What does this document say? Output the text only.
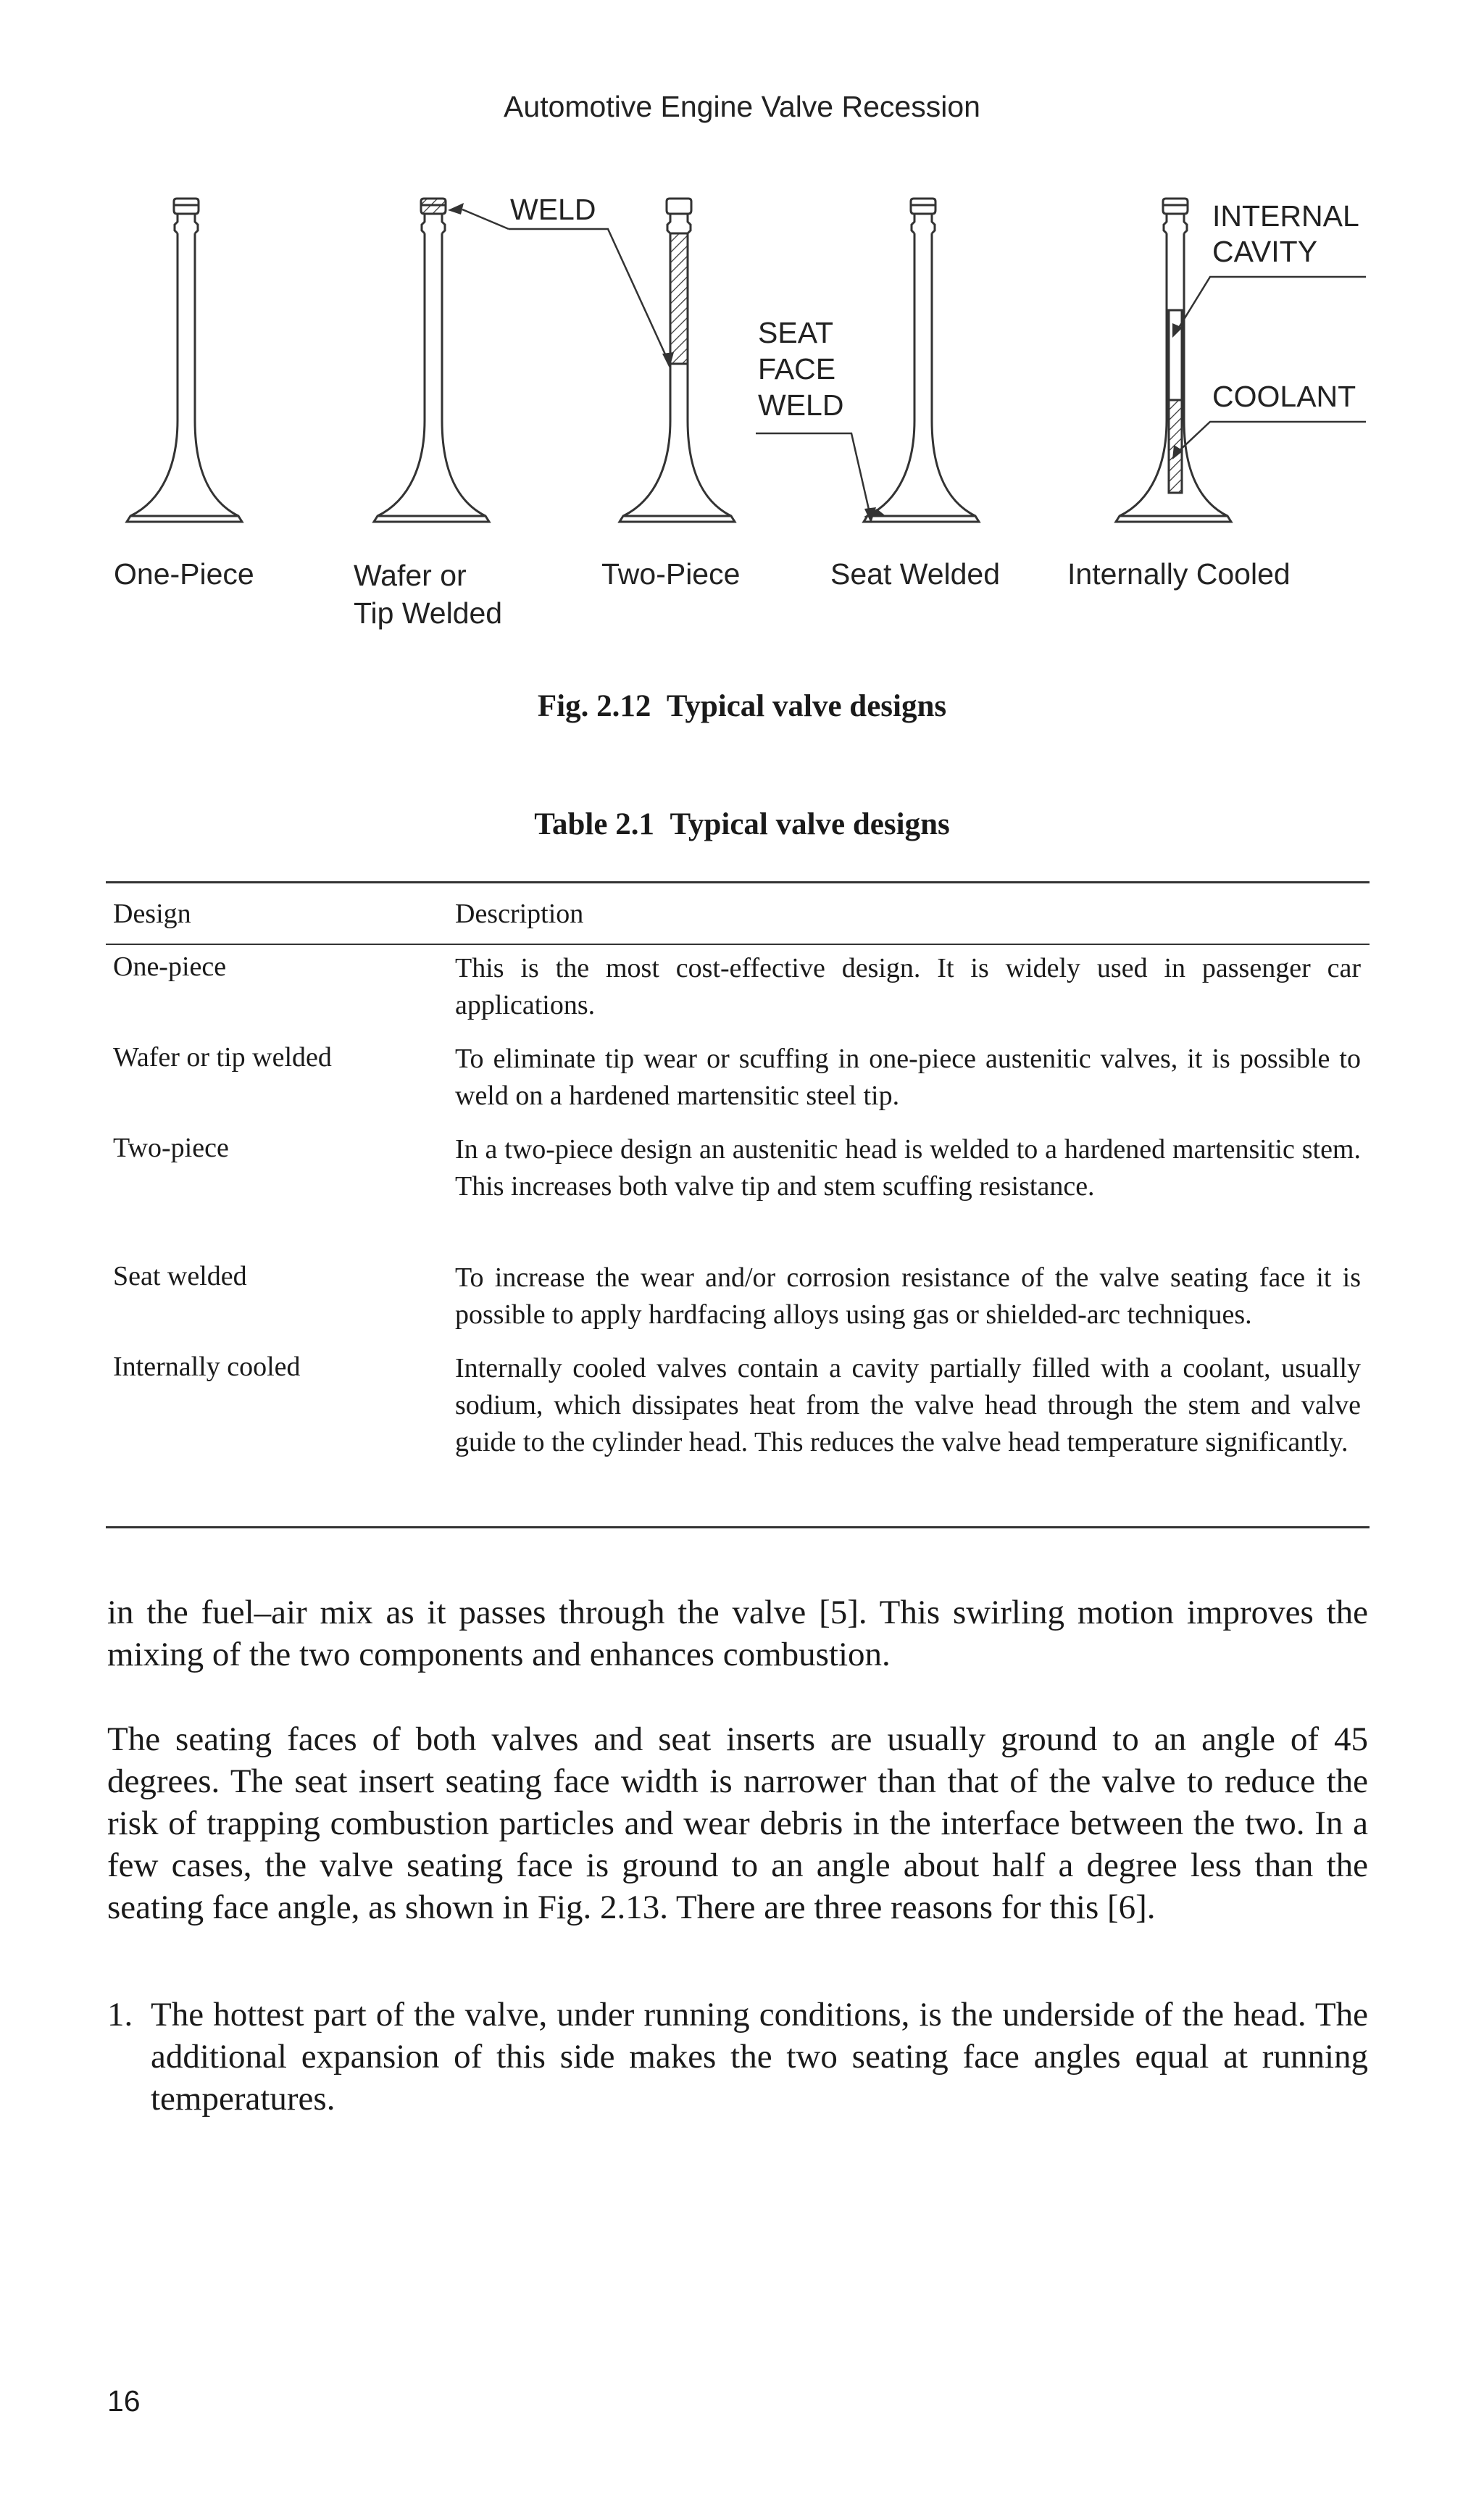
Automotive Engine Valve Recession
WELD
SEAT
FACE
WELD
INTERNAL
CAVITY
COOLANT
One-Piece	Wafer or
Tip Welded
Two-Piece	Seat Welded Internally Cooled
Fig. 2.12 Typical valve designs
Table 2.1 Typical valve designs
Design	Description
One-piece	This is the most cost-effective design. It is widely used in passenger car applications.
Wafer or tip welded	To eliminate tip wear or scuffing in one-piece austenitic valves, it is possible to weld on a hardened martensitic steel tip.
Two-piece	In a two-piece design an austenitic head is welded to a hardened martensitic stem. This increases both valve tip and stem scuffing resistance.
Seat welded	To increase the wear and/or corrosion resistance of the valve seating face it is possible to apply hardfacing alloys using gas or shielded-arc techniques.
Internally cooled	Internally cooled valves contain a cavity partially filled with a coolant, usually sodium, which dissipates heat from the valve head through the stem and valve guide to the cylinder head. This reduces the valve head temperature significantly.
in the fuel–air mix as it passes through the valve [5]. This swirling motion improves the mixing of the two components and enhances combustion.
The seating faces of both valves and seat inserts are usually ground to an angle of 45 degrees. The seat insert seating face width is narrower than that of the valve to reduce the risk of trapping combustion particles and wear debris in the interface between the two. In a few cases, the valve seating face is ground to an angle about half a degree less than the seating face angle, as shown in Fig. 2.13. There are three reasons for this [6].
1. The hottest part of the valve, under running conditions, is the underside of the head. The additional expansion of this side makes the two seating face angles equal at running temperatures.
16
